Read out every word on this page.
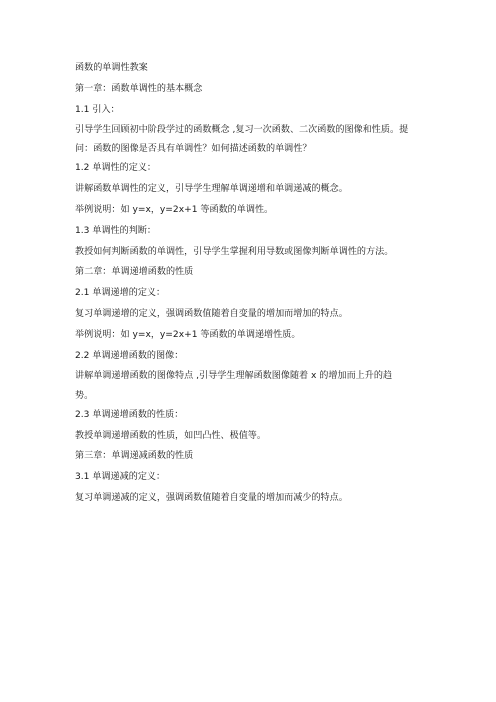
函数的单调性教案
第一章：函数单调性的基本概念
1.1 引入：
引导学生回顾初中阶段学过的函数概念 ,复习一次函数、二次函数的图像和性质。提问：函数的图像是否具有单调性？如何描述函数的单调性？
1.2 单调性的定义：
讲解函数单调性的定义，引导学生理解单调递增和单调递减的概念。
举例说明：如 y=x，y=2x+1 等函数的单调性。
1.3 单调性的判断：
教授如何判断函数的单调性，引导学生掌握利用导数或图像判断单调性的方法。
第二章：单调递增函数的性质
2.1 单调递增的定义：
复习单调递增的定义，强调函数值随着自变量的增加而增加的特点。
举例说明：如 y=x，y=2x+1 等函数的单调递增性质。
2.2 单调递增函数的图像：
讲解单调递增函数的图像特点 ,引导学生理解函数图像随着 x 的增加而上升的趋势。
2.3 单调递增函数的性质：
教授单调递增函数的性质，如凹凸性、极值等。
第三章：单调递减函数的性质
3.1 单调递减的定义：
复习单调递减的定义，强调函数值随着自变量的增加而减少的特点。
